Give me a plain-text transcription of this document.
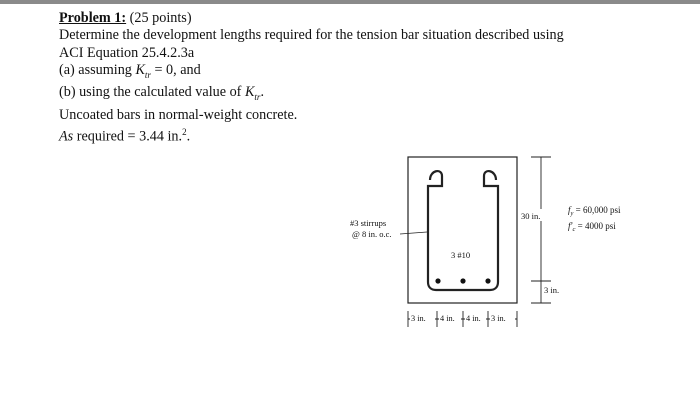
Problem 1: (25 points)
Determine the development lengths required for the tension bar situation described using
ACI Equation 25.4.2.3a
(a) assuming $K_{tr} = 0$, and
(b) using the calculated value of $K_{tr}$.
Uncoated bars in normal-weight concrete.
As required = 3.44 in.$^2$.
#3 stirrups
@ 8 in. o.c.
3 #10
30 in.
3 in.
$f_y = 60,000$ psi
$f'_c = 4000$ psi
3 in. 4 in. 4 in. 3 in.
